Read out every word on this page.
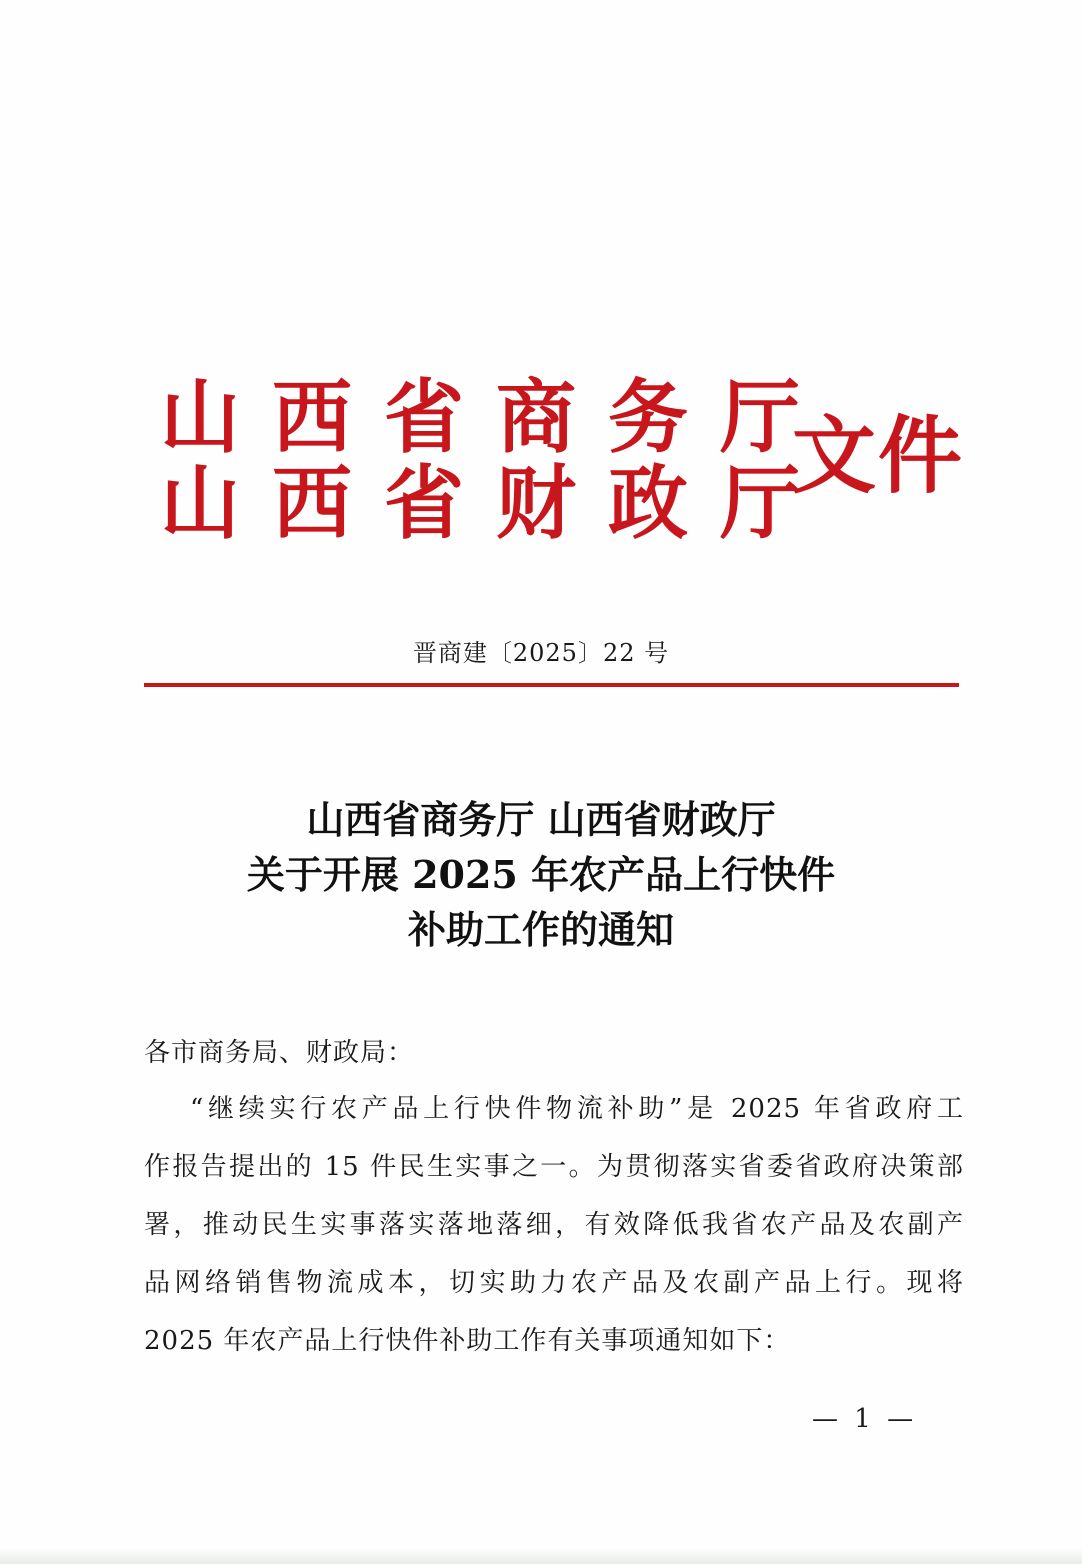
山西省商务厅
山西省财政厅
文件
晋商建〔2025〕22 号
山西省商务厅 山西省财政厅
关于开展 2025 年农产品上行快件
补助工作的通知
各市商务局、财政局：
“继续实行农产品上行快件物流补助”是 2025 年省政府工
作报告提出的 15 件民生实事之一。为贯彻落实省委省政府决策部
署，推动民生实事落实落地落细，有效降低我省农产品及农副产
品网络销售物流成本，切实助力农产品及农副产品上行。现将
2025 年农产品上行快件补助工作有关事项通知如下：
— 1 —
